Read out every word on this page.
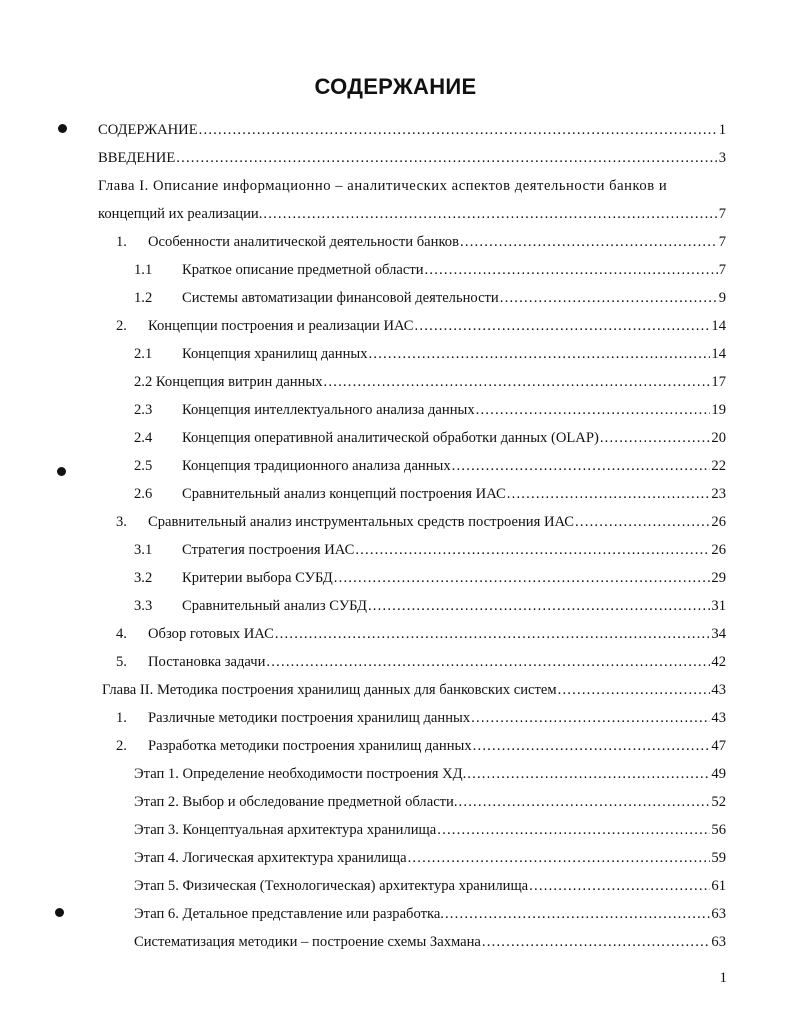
СОДЕРЖАНИЕ
СОДЕРЖАНИЕ .....	1
ВВЕДЕНИЕ .....	3
Глава I. Описание информационно – аналитических аспектов деятельности банков и
концепций их реализации. .....	7
1.	Особенности аналитической деятельности банков .....	7
1.1	Краткое описание предметной области .....	7
1.2	Системы автоматизации финансовой деятельности .....	9
2.	Концепции построения и реализации ИАС .....	14
2.1	Концепция хранилищ данных .....	14
2.2 Концепция витрин данных .....	17
2.3	Концепция интеллектуального анализа данных .....	19
2.4	Концепция оперативной аналитической обработки данных (OLAP) .....	20
2.5	Концепция традиционного анализа данных .....	22
2.6	Сравнительный анализ концепций построения ИАС .....	23
3.	Сравнительный анализ инструментальных средств построения ИАС .....	26
3.1	Стратегия построения ИАС .....	26
3.2	Критерии выбора СУБД .....	29
3.3	Сравнительный анализ СУБД .....	31
4.	Обзор готовых ИАС .....	34
5.	Постановка задачи .....	42
Глава II. Методика построения хранилищ данных для банковских систем .....	43
1.	Различные методики построения хранилищ данных .....	43
2.	Разработка методики построения хранилищ данных .....	47
Этап 1. Определение необходимости построения ХД. .....	49
Этап 2. Выбор и обследование предметной области. .....	52
Этап 3. Концептуальная архитектура хранилища .....	56
Этап 4. Логическая архитектура хранилища .....	59
Этап 5. Физическая (Технологическая) архитектура хранилища .....	61
Этап 6. Детальное представление или разработка. .....	63
Систематизация методики – построение схемы Захмана .....	63
1
